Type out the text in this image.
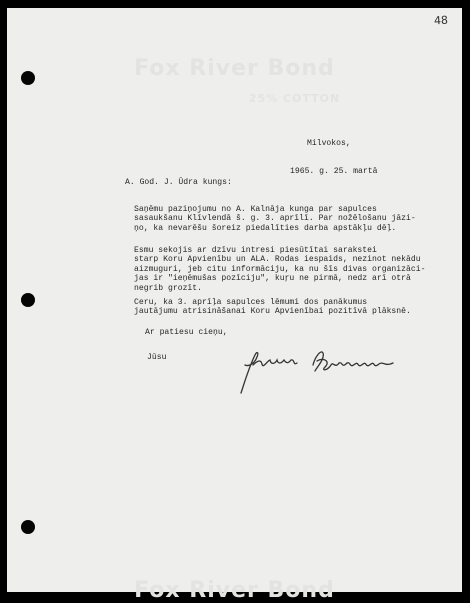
48
Fox River Bond
25% COTTON
Fox River Bond

Milvokos,

1965. g. 25. martā

A. God. J. Ūdra kungs:
Saņēmu paziņojumu no A. Kalnāja kunga par sapulces
sasaukšanu Klīvlendā š. g. 3. aprīlī. Par nožēlošanu jāzi-
ņo, ka nevarēšu šoreiz piedalīties darba apstākļu dēļ.
Esmu sekojis ar dzīvu intresi piesūtītai sarakstei
starp Koru Apvienību un ALA. Rodas iespaids, nezinot nekādu
aizmuguri, jeb citu informāciju, ka nu šīs divas organizāci-
jas ir "ieņēmušas pozīciju", kuŗu ne pirmā, nedz arī otrā
negrib grozīt.
Ceru, ka 3. aprīļa sapulces lēmumi dos panākumus
jautājumu atrisināšanai Koru Apvienībai pozitīvā plāksnē.
Ar patiesu cieņu,
Jūsu
